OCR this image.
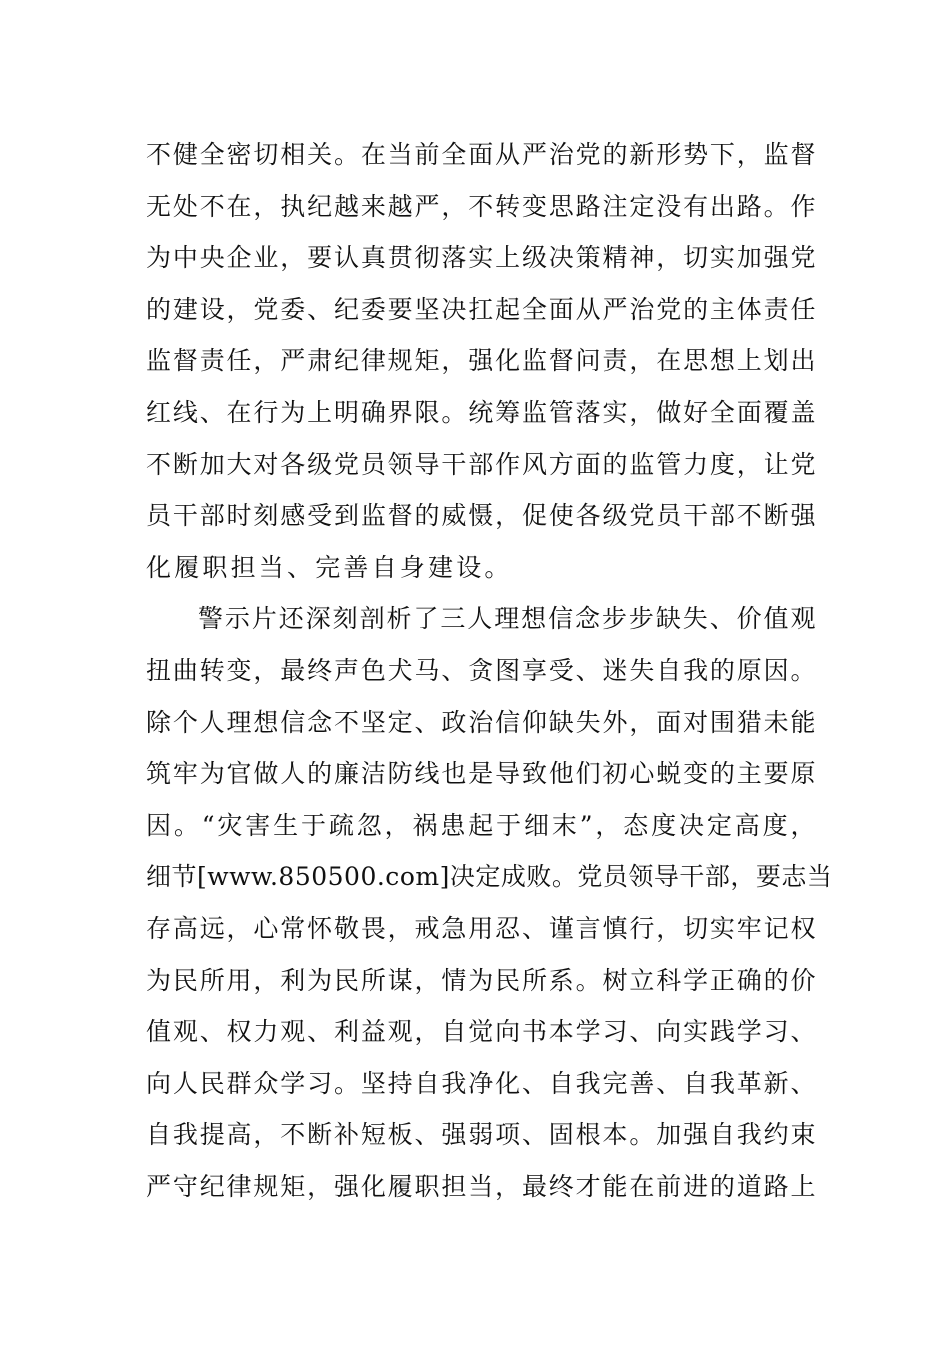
不健全密切相关。在当前全面从严治党的新形势下，监督
无处不在，执纪越来越严，不转变思路注定没有出路。作
为中央企业，要认真贯彻落实上级决策精神，切实加强党
的建设，党委、纪委要坚决扛起全面从严治党的主体责任
监督责任，严肃纪律规矩，强化监督问责，在思想上划出
红线、在行为上明确界限。统筹监管落实，做好全面覆盖
不断加大对各级党员领导干部作风方面的监管力度，让党
员干部时刻感受到监督的威慑，促使各级党员干部不断强
化履职担当、完善自身建设。
警示片还深刻剖析了三人理想信念步步缺失、价值观
扭曲转变，最终声色犬马、贪图享受、迷失自我的原因。
除个人理想信念不坚定、政治信仰缺失外，面对围猎未能
筑牢为官做人的廉洁防线也是导致他们初心蜕变的主要原
因。“灾害生于疏忽，祸患起于细末”，态度决定高度，
细节[www.850500.com]决定成败。党员领导干部，要志当
存高远，心常怀敬畏，戒急用忍、谨言慎行，切实牢记权
为民所用，利为民所谋，情为民所系。树立科学正确的价
值观、权力观、利益观，自觉向书本学习、向实践学习、
向人民群众学习。坚持自我净化、自我完善、自我革新、
自我提高，不断补短板、强弱项、固根本。加强自我约束
严守纪律规矩，强化履职担当，最终才能在前进的道路上
